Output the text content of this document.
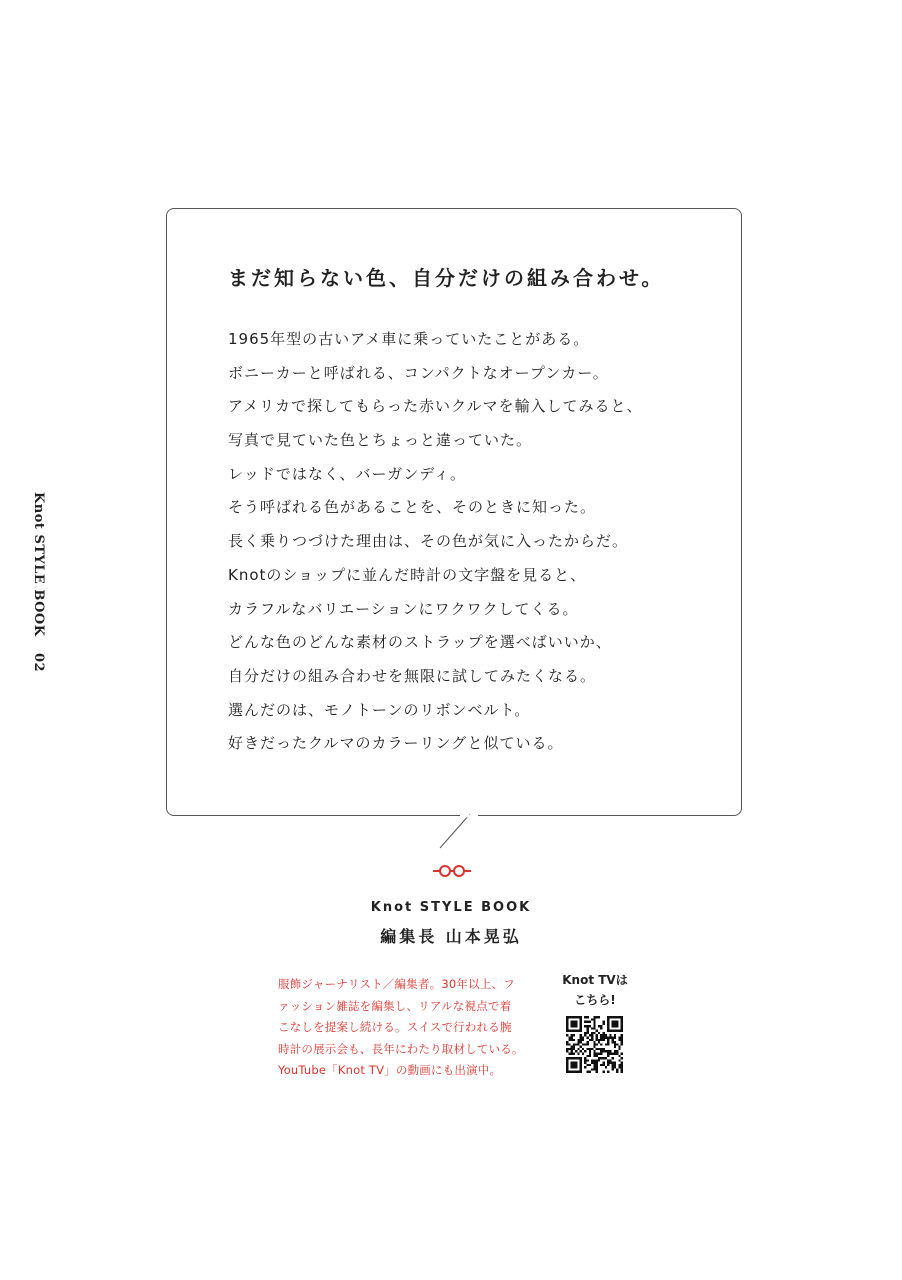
Knot STYLE BOOK
02
まだ知らない色、自分だけの組み合わせ。
1965年型の古いアメ車に乗っていたことがある。
ボニーカーと呼ばれる、コンパクトなオープンカー。
アメリカで探してもらった赤いクルマを輸入してみると、
写真で見ていた色とちょっと違っていた。
レッドではなく、バーガンディ。
そう呼ばれる色があることを、そのときに知った。
長く乗りつづけた理由は、その色が気に入ったからだ。
Knotのショップに並んだ時計の文字盤を見ると、
カラフルなバリエーションにワクワクしてくる。
どんな色のどんな素材のストラップを選べばいいか、
自分だけの組み合わせを無限に試してみたくなる。
選んだのは、モノトーンのリボンベルト。
好きだったクルマのカラーリングと似ている。
Knot STYLE BOOK
編集長 山本晃弘
服飾ジャーナリスト／編集者。30年以上、フ
ァッション雑誌を編集し、リアルな視点で着
こなしを提案し続ける。スイスで行われる腕
時計の展示会も、長年にわたり取材している。
YouTube「Knot TV」の動画にも出演中。
Knot TVは
こちら!
